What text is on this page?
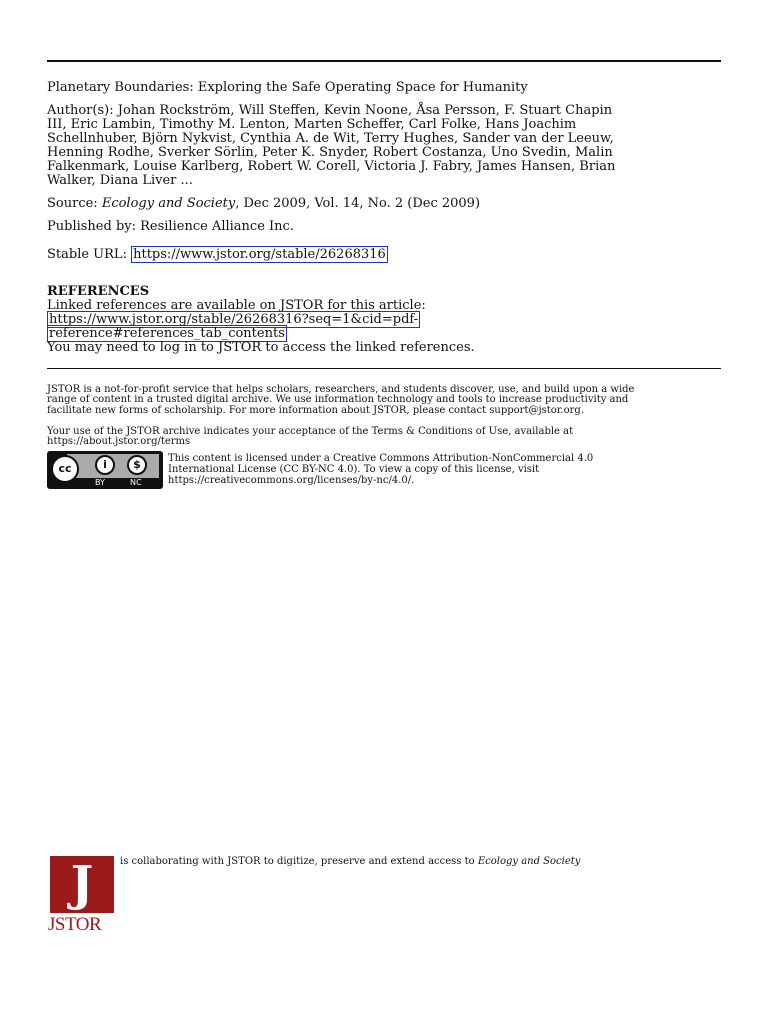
Planetary Boundaries: Exploring the Safe Operating Space for Humanity
Author(s): Johan Rockström, Will Steffen, Kevin Noone, Åsa Persson, F. Stuart Chapin
III, Eric Lambin, Timothy M. Lenton, Marten Scheffer, Carl Folke, Hans Joachim
Schellnhuber, Björn Nykvist, Cynthia A. de Wit, Terry Hughes, Sander van der Leeuw,
Henning Rodhe, Sverker Sörlin, Peter K. Snyder, Robert Costanza, Uno Svedin, Malin
Falkenmark, Louise Karlberg, Robert W. Corell, Victoria J. Fabry, James Hansen, Brian
Walker, Diana Liver ...
Source: Ecology and Society, Dec 2009, Vol. 14, No. 2 (Dec 2009)
Published by: Resilience Alliance Inc.
Stable URL: https://www.jstor.org/stable/26268316
REFERENCES
Linked references are available on JSTOR for this article:
https://www.jstor.org/stable/26268316?seq=1&cid=pdf-
reference#references_tab_contents
You may need to log in to JSTOR to access the linked references.
JSTOR is a not-for-profit service that helps scholars, researchers, and students discover, use, and build upon a wide
range of content in a trusted digital archive. We use information technology and tools to increase productivity and
facilitate new forms of scholarship. For more information about JSTOR, please contact support@jstor.org.
Your use of the JSTOR archive indicates your acceptance of the Terms & Conditions of Use, available at
https://about.jstor.org/terms
cc	i	$
BY	NC
This content is licensed under a Creative Commons Attribution-NonCommercial 4.0
International License (CC BY-NC 4.0). To view a copy of this license, visit
https://creativecommons.org/licenses/by-nc/4.0/.
J
JSTOR
is collaborating with JSTOR to digitize, preserve and extend access to Ecology and Society
